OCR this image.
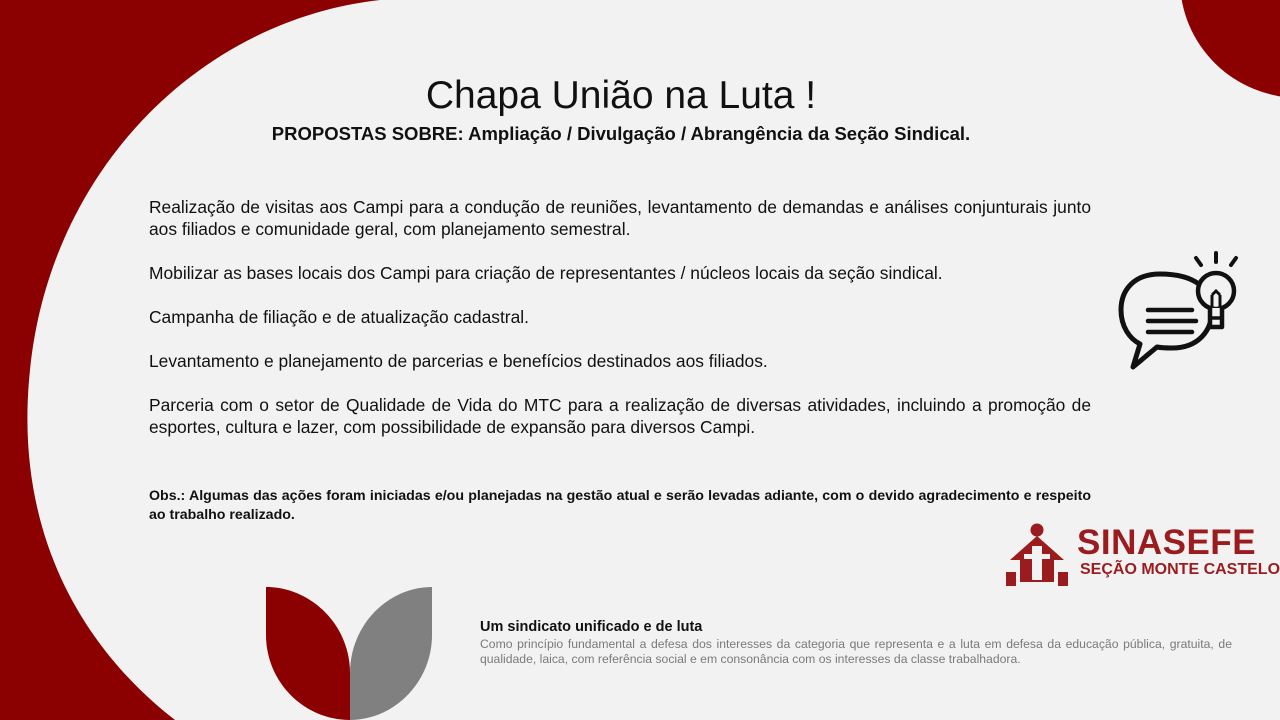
Chapa União na Luta !
PROPOSTAS SOBRE: Ampliação / Divulgação / Abrangência da Seção Sindical.

Realização de visitas aos Campi para a condução de reuniões, levantamento de demandas e análises conjunturais junto aos filiados e comunidade geral, com planejamento semestral.

Mobilizar as bases locais dos Campi para criação de representantes / núcleos locais da seção sindical.

Campanha de filiação e de atualização cadastral.

Levantamento e planejamento de parcerias e benefícios destinados aos filiados.

Parceria com o setor de Qualidade de Vida do MTC para a realização de diversas atividades, incluindo a promoção de esportes, cultura e lazer, com possibilidade de expansão para diversos Campi.

Obs.: Algumas das ações foram iniciadas e/ou planejadas na gestão atual e serão levadas adiante, com o devido agradecimento e respeito ao trabalho realizado.

SINASEFE

SEÇÃO MONTE CASTELO

Um sindicato unificado e de luta

Como princípio fundamental a defesa dos interesses da categoria que representa e a luta em defesa da educação pública, gratuita, de qualidade, laica, com referência social e em consonância com os interesses da classe trabalhadora.
